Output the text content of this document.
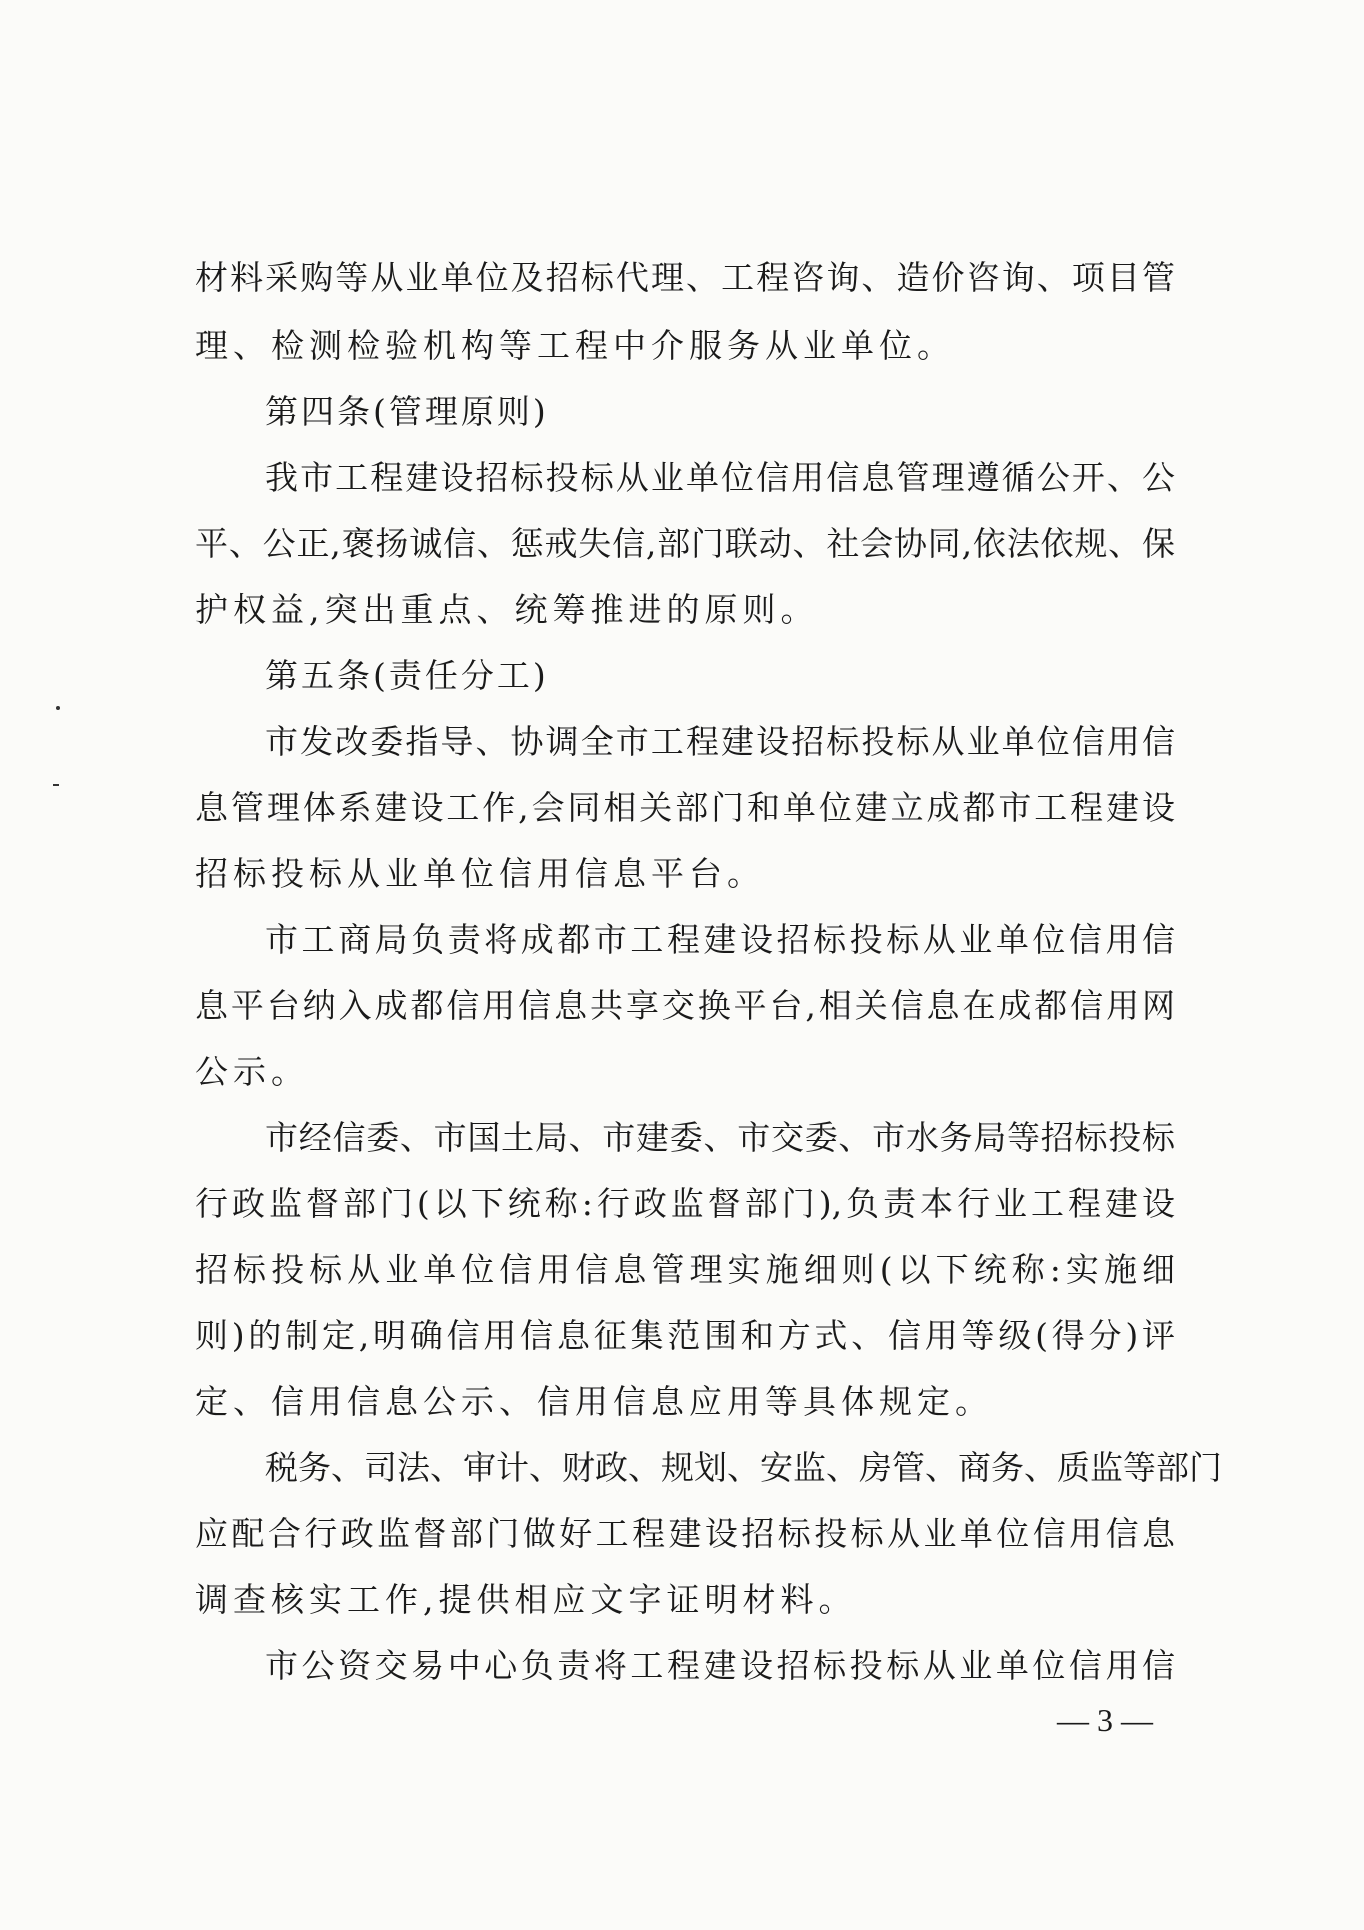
材料采购等从业单位及招标代理、工程咨询、造价咨询、项目管

理、检测检验机构等工程中介服务从业单位。

第四条(管理原则)

我市工程建设招标投标从业单位信用信息管理遵循公开、公

平、公正,褒扬诚信、惩戒失信,部门联动、社会协同,依法依规、保

护权益,突出重点、统筹推进的原则。

第五条(责任分工)

市发改委指导、协调全市工程建设招标投标从业单位信用信

息管理体系建设工作,会同相关部门和单位建立成都市工程建设

招标投标从业单位信用信息平台。

市工商局负责将成都市工程建设招标投标从业单位信用信

息平台纳入成都信用信息共享交换平台,相关信息在成都信用网

公示。

市经信委、市国土局、市建委、市交委、市水务局等招标投标

行政监督部门(以下统称:行政监督部门),负责本行业工程建设

招标投标从业单位信用信息管理实施细则(以下统称:实施细

则)的制定,明确信用信息征集范围和方式、信用等级(得分)评

定、信用信息公示、信用信息应用等具体规定。

税务、司法、审计、财政、规划、安监、房管、商务、质监等部门

应配合行政监督部门做好工程建设招标投标从业单位信用信息

调查核实工作,提供相应文字证明材料。

市公资交易中心负责将工程建设招标投标从业单位信用信

— 3 —
